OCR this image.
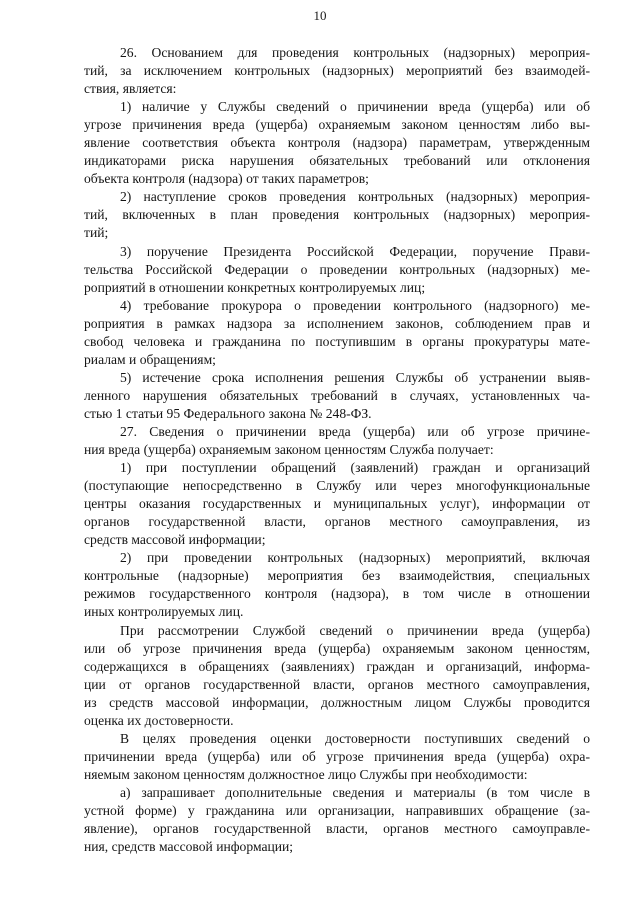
10
26. Основанием для проведения контрольных (надзорных) мероприя-
тий, за исключением контрольных (надзорных) мероприятий без взаимодей-
ствия, является:
1) наличие у Службы сведений о причинении вреда (ущерба) или об
угрозе причинения вреда (ущерба) охраняемым законом ценностям либо вы-
явление соответствия объекта контроля (надзора) параметрам, утвержденным
индикаторами риска нарушения обязательных требований или отклонения
объекта контроля (надзора) от таких параметров;
2) наступление сроков проведения контрольных (надзорных) мероприя-
тий, включенных в план проведения контрольных (надзорных) мероприя-
тий;
3) поручение Президента Российской Федерации, поручение Прави-
тельства Российской Федерации о проведении контрольных (надзорных) ме-
роприятий в отношении конкретных контролируемых лиц;
4) требование прокурора о проведении контрольного (надзорного) ме-
роприятия в рамках надзора за исполнением законов, соблюдением прав и
свобод человека и гражданина по поступившим в органы прокуратуры мате-
риалам и обращениям;
5) истечение срока исполнения решения Службы об устранении выяв-
ленного нарушения обязательных требований в случаях, установленных ча-
стью 1 статьи 95 Федерального закона № 248-ФЗ.
27. Сведения о причинении вреда (ущерба) или об угрозе причине-
ния вреда (ущерба) охраняемым законом ценностям Служба получает:
1) при поступлении обращений (заявлений) граждан и организаций
(поступающие непосредственно в Службу или через многофункциональные
центры оказания государственных и муниципальных услуг), информации от
органов государственной власти, органов местного самоуправления, из
средств массовой информации;
2) при проведении контрольных (надзорных) мероприятий, включая
контрольные (надзорные) мероприятия без взаимодействия, специальных
режимов государственного контроля (надзора), в том числе в отношении
иных контролируемых лиц.
При рассмотрении Службой сведений о причинении вреда (ущерба)
или об угрозе причинения вреда (ущерба) охраняемым законом ценностям,
содержащихся в обращениях (заявлениях) граждан и организаций, информа-
ции от органов государственной власти, органов местного самоуправления,
из средств массовой информации, должностным лицом Службы проводится
оценка их достоверности.
В целях проведения оценки достоверности поступивших сведений о
причинении вреда (ущерба) или об угрозе причинения вреда (ущерба) охра-
няемым законом ценностям должностное лицо Службы при необходимости:
а) запрашивает дополнительные сведения и материалы (в том числе в
устной форме) у гражданина или организации, направивших обращение (за-
явление), органов государственной власти, органов местного самоуправле-
ния, средств массовой информации;
